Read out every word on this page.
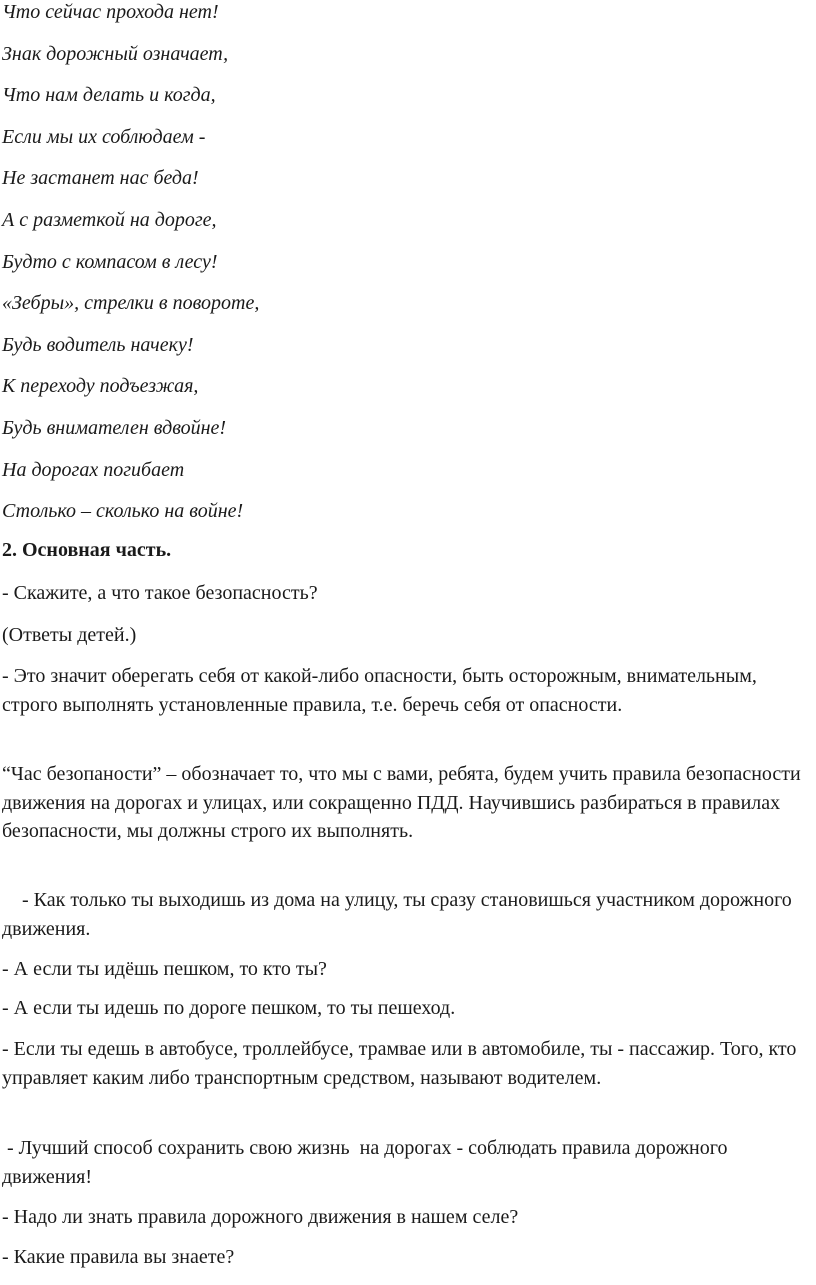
Что сейчас прохода нет!
Знак дорожный означает,
Что нам делать и когда,
Если мы их соблюдаем -
Не застанет нас беда!
А с разметкой на дороге,
Будто с компасом в лесу!
«Зебры», стрелки в повороте,
Будь водитель начеку!
К переходу подъезжая,
Будь внимателен вдвойне!
На дорогах погибает
Столько – сколько на войне!

2. Основная часть.

- Скажите, а что такое безопасность?

(Ответы детей.)

- Это значит оберегать себя от какой-либо опасности, быть осторожным, внимательным, строго выполнять установленные правила, т.е. беречь себя от опасности.

“Час безопаности” – обозначает то, что мы с вами, ребята, будем учить правила безопасности движения на дорогах и улицах, или сокращенно ПДД. Научившись разбираться в правилах безопасности, мы должны строго их выполнять.

- Как только ты выходишь из дома на улицу, ты сразу становишься участником дорожного движения.

- А если ты идёшь пешком, то кто ты?

- А если ты идешь по дороге пешком, то ты пешеход.

- Если ты едешь в автобусе, троллейбусе, трамвае или в автомобиле, ты - пассажир. Того, кто управляет каким либо транспортным средством, называют водителем.

- Лучший способ сохранить свою жизнь  на дорогах - соблюдать правила дорожного движения!

- Надо ли знать правила дорожного движения в нашем селе?

- Какие правила вы знаете?
